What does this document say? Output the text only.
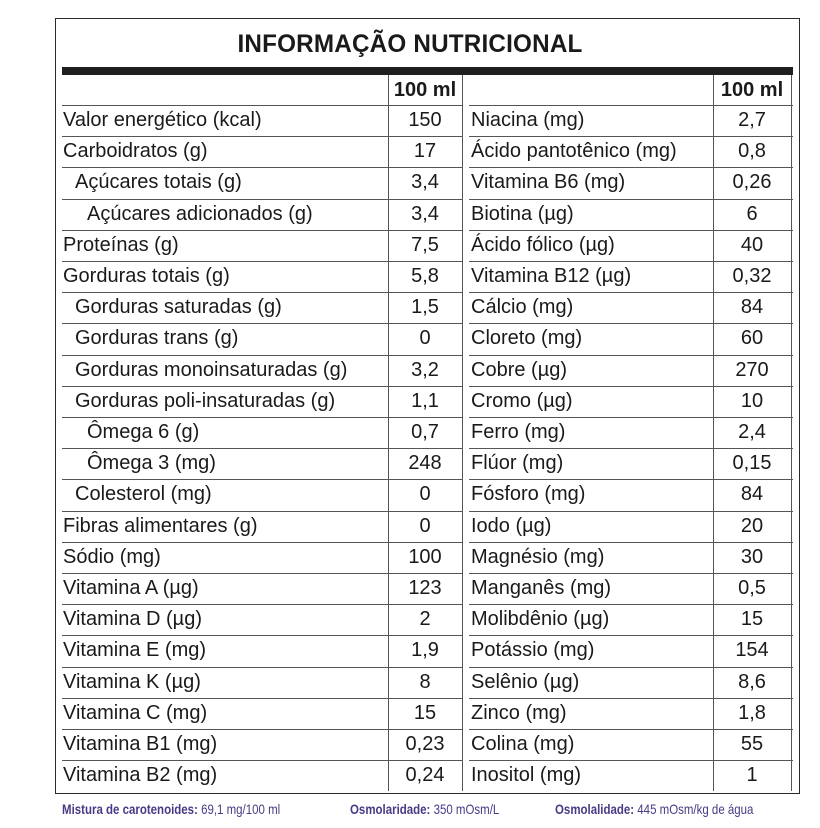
INFORMAÇÃO NUTRICIONAL
100 ml	100 ml
Valor energético (kcal)	150	Niacina (mg)	2,7
Carboidratos (g)	17	Ácido pantotênico (mg)	0,8
Açúcares totais (g)	3,4	Vitamina B6 (mg)	0,26
Açúcares adicionados (g)	3,4	Biotina (µg)	6
Proteínas (g)	7,5	Ácido fólico (µg)	40
Gorduras totais (g)	5,8	Vitamina B12 (µg)	0,32
Gorduras saturadas (g)	1,5	Cálcio (mg)	84
Gorduras trans (g)	0	Cloreto (mg)	60
Gorduras monoinsaturadas (g)	3,2	Cobre (µg)	270
Gorduras poli-insaturadas (g)	1,1	Cromo (µg)	10
Ômega 6 (g)	0,7	Ferro (mg)	2,4
Ômega 3 (mg)	248	Flúor (mg)	0,15
Colesterol (mg)	0	Fósforo (mg)	84
Fibras alimentares (g)	0	Iodo (µg)	20
Sódio (mg)	100	Magnésio (mg)	30
Vitamina A (µg)	123	Manganês (mg)	0,5
Vitamina D (µg)	2	Molibdênio (µg)	15
Vitamina E (mg)	1,9	Potássio (mg)	154
Vitamina K (µg)	8	Selênio (µg)	8,6
Vitamina C (mg)	15	Zinco (mg)	1,8
Vitamina B1 (mg)	0,23	Colina (mg)	55
Vitamina B2 (mg)	0,24	Inositol (mg)	1
Mistura de carotenoides: 69,1 mg/100 ml	Osmolaridade: 350 mOsm/L	Osmolalidade: 445 mOsm/kg de água
